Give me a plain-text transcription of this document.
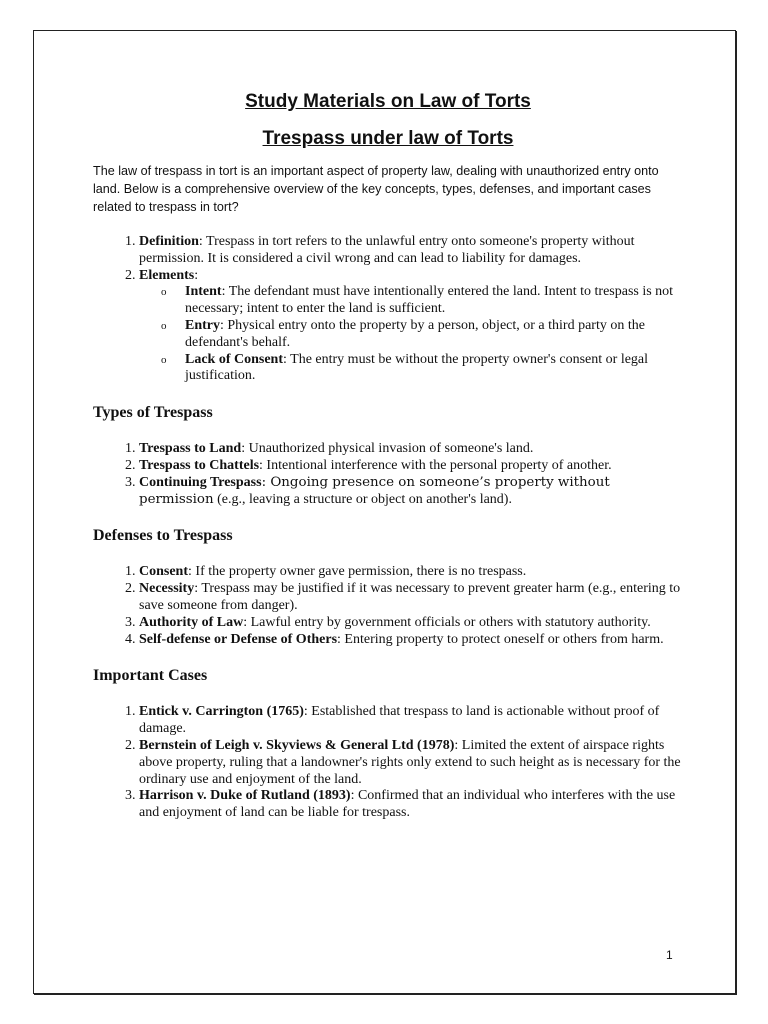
Study Materials on Law of Torts
Trespass under law of Torts

The law of trespass in tort is an important aspect of property law, dealing with unauthorized entry onto land. Below is a comprehensive overview of the key concepts, types, defenses, and important cases related to trespass in tort?

1. Definition: Trespass in tort refers to the unlawful entry onto someone's property without permission. It is considered a civil wrong and can lead to liability for damages.
2. Elements:
o Intent: The defendant must have intentionally entered the land. Intent to trespass is not necessary; intent to enter the land is sufficient.
o Entry: Physical entry onto the property by a person, object, or a third party on the defendant's behalf.
o Lack of Consent: The entry must be without the property owner's consent or legal justification.
Types of Trespass
1. Trespass to Land: Unauthorized physical invasion of someone's land.
2. Trespass to Chattels: Intentional interference with the personal property of another.
3. Continuing Trespass: Ongoing presence on someone’s property without permission (e.g., leaving a structure or object on another's land).
Defenses to Trespass
1. Consent: If the property owner gave permission, there is no trespass.
2. Necessity: Trespass may be justified if it was necessary to prevent greater harm (e.g., entering to save someone from danger).
3. Authority of Law: Lawful entry by government officials or others with statutory authority.
4. Self-defense or Defense of Others: Entering property to protect oneself or others from harm.
Important Cases
1. Entick v. Carrington (1765): Established that trespass to land is actionable without proof of damage.
2. Bernstein of Leigh v. Skyviews & General Ltd (1978): Limited the extent of airspace rights above property, ruling that a landowner's rights only extend to such height as is necessary for the ordinary use and enjoyment of the land.
3. Harrison v. Duke of Rutland (1893): Confirmed that an individual who interferes with the use and enjoyment of land can be liable for trespass.
1
